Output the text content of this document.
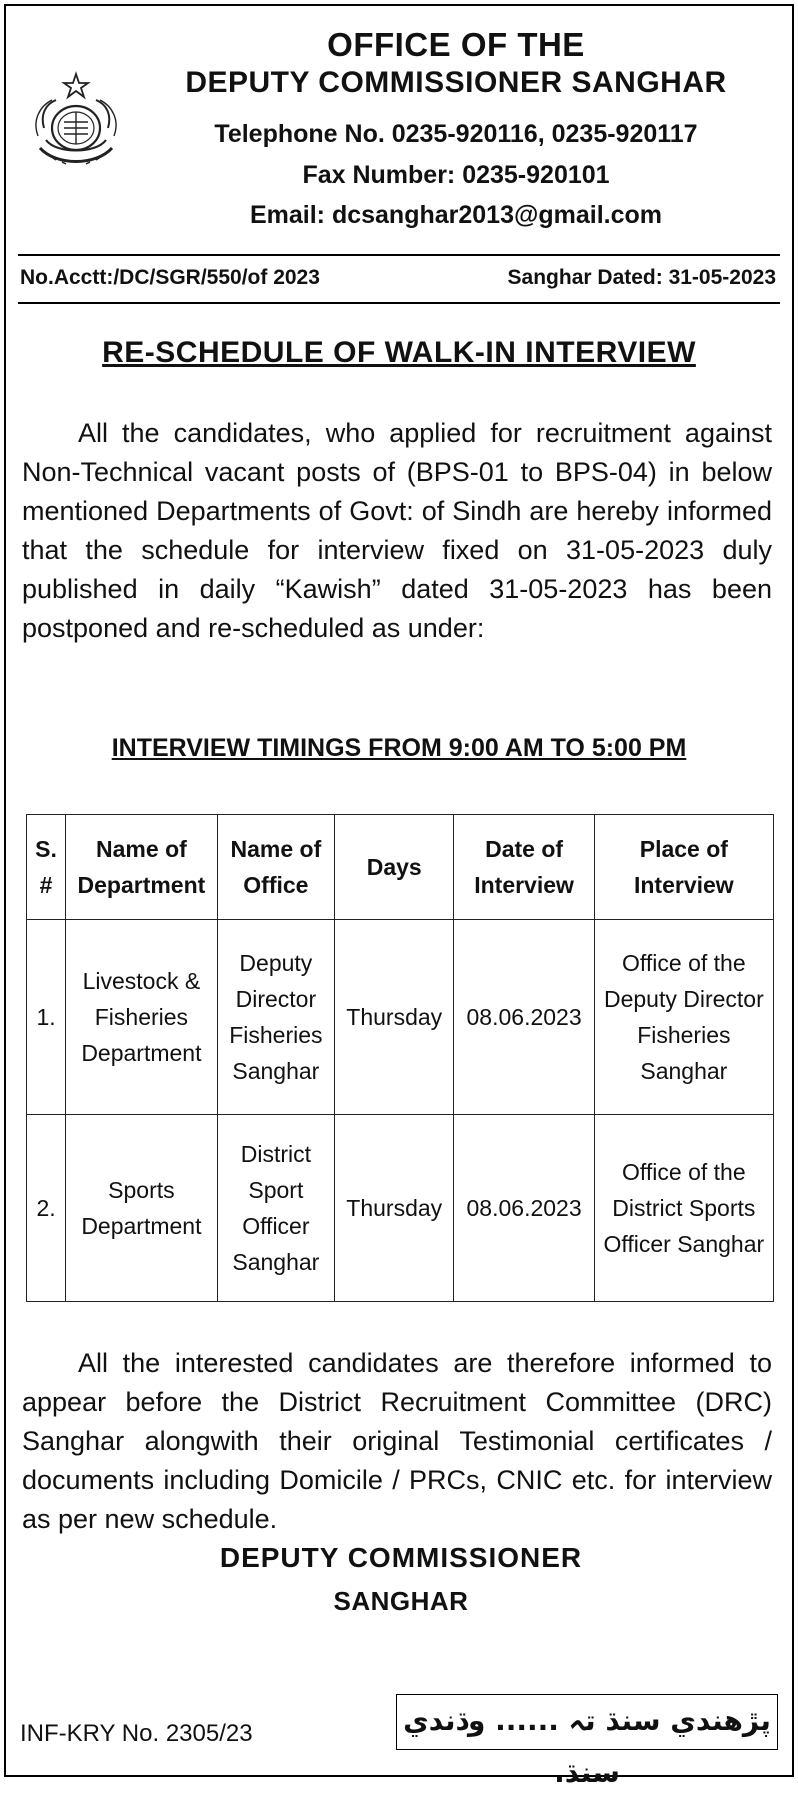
OFFICE OF THE
DEPUTY COMMISSIONER SANGHAR
Telephone No. 0235-920116, 0235-920117
Fax Number: 0235-920101
Email: dcsanghar2013@gmail.com
No.Acctt:/DC/SGR/550/of 2023	Sanghar Dated: 31-05-2023
RE-SCHEDULE OF WALK-IN INTERVIEW

All the candidates, who applied for recruitment against Non-Technical vacant posts of (BPS-01 to BPS-04) in below mentioned Departments of Govt: of Sindh are hereby informed that the schedule for interview fixed on 31-05-2023 duly published in daily “Kawish” dated 31-05-2023 has been postponed and re-scheduled as under:

INTERVIEW TIMINGS FROM 9:00 AM TO 5:00 PM
S. #	Name of Department	Name of Office	Days	Date of Interview	Place of Interview
1.	Livestock & Fisheries Department	Deputy Director Fisheries Sanghar	Thursday	08.06.2023	Office of the Deputy Director Fisheries Sanghar
2.	Sports Department	District Sport Officer Sanghar	Thursday	08.06.2023	Office of the District Sports Officer Sanghar

All the interested candidates are therefore informed to appear before the District Recruitment Committee (DRC) Sanghar alongwith their original Testimonial certificates / documents including Domicile / PRCs, CNIC etc. for interview as per new schedule.

DEPUTY COMMISSIONER
SANGHAR
INF-KRY No. 2305/23	پڙهندي سنڌ تہ ...... وڌندي سنڌ.
